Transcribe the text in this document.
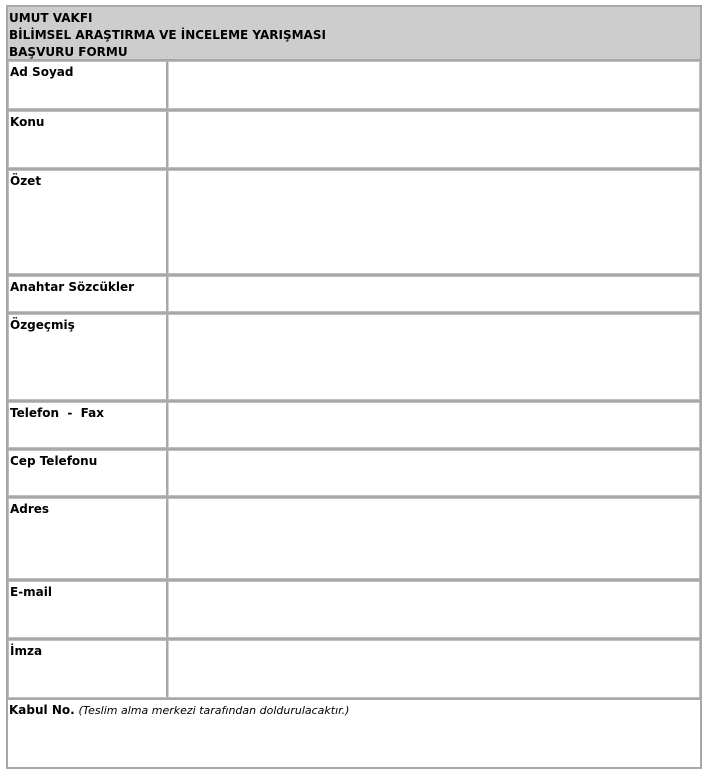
UMUT VAKFI
BİLİMSEL ARAŞTIRMA VE İNCELEME YARIŞMASI
BAŞVURU FORMU
Ad Soyad
Konu
Özet
Anahtar Sözcükler
Özgeçmiş
Telefon  -  Fax
Cep Telefonu
Adres
E-mail
İmza
Kabul No. (Teslim alma merkezi tarafından doldurulacaktır.)
